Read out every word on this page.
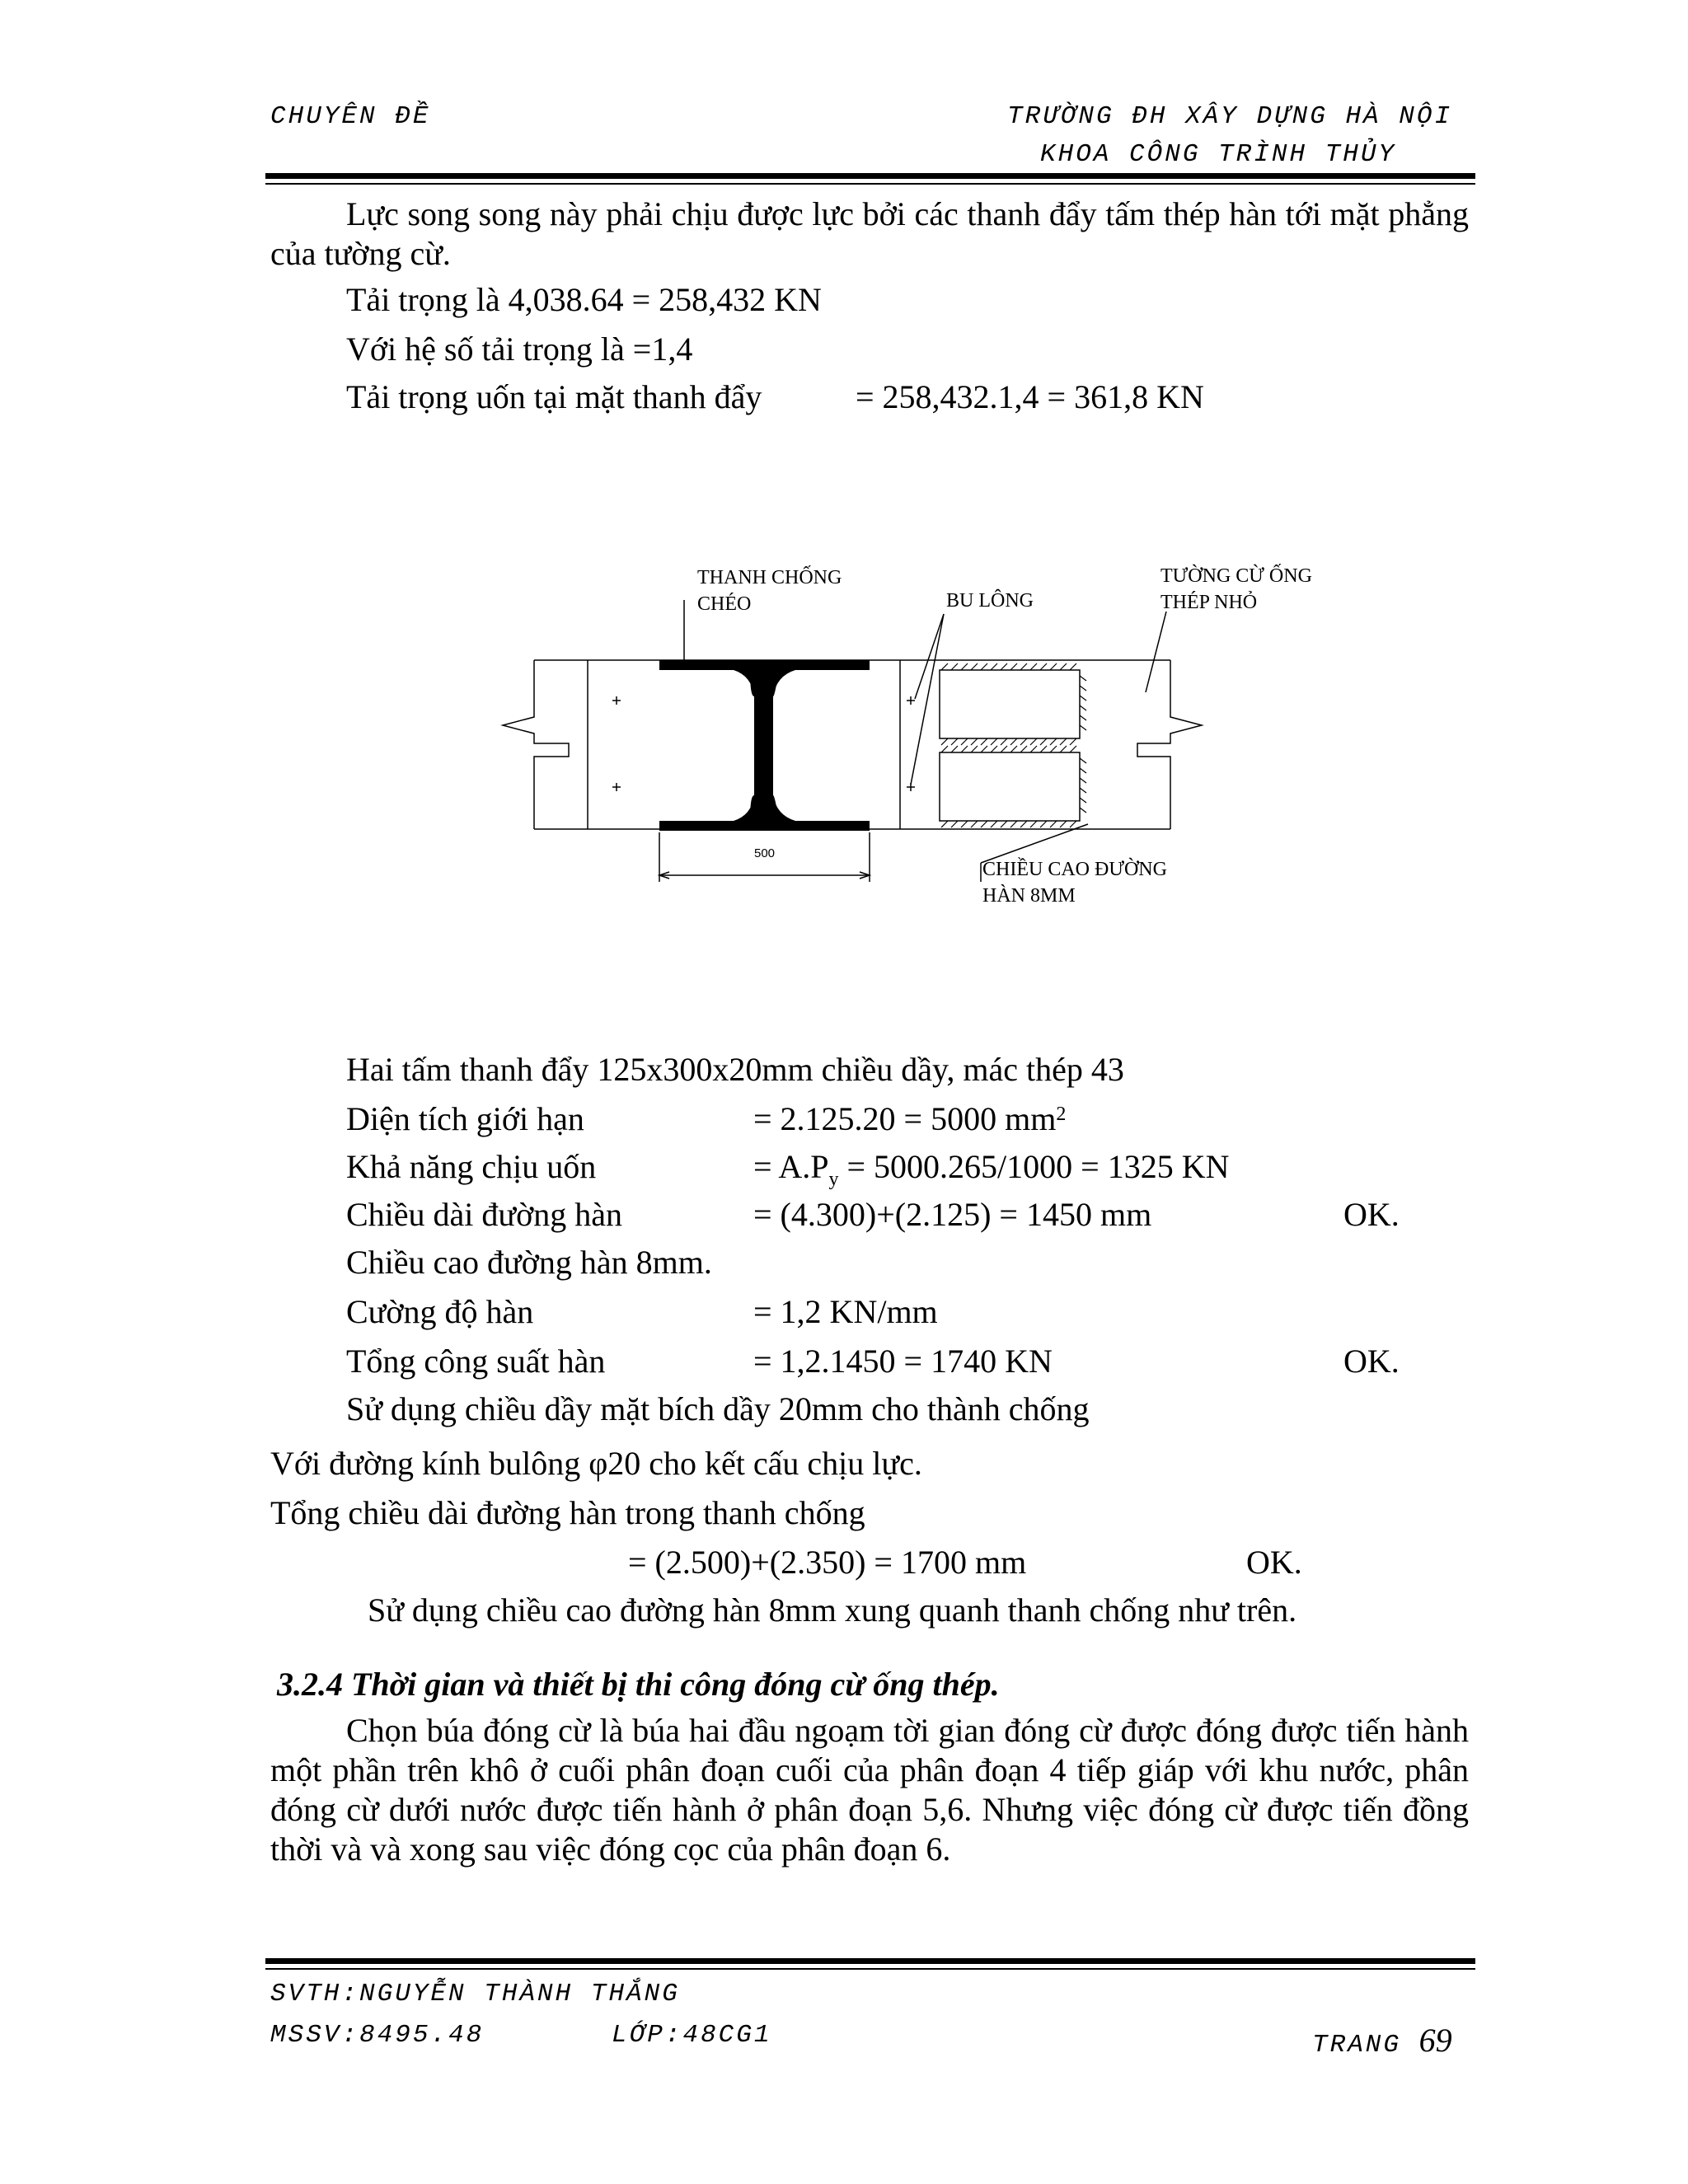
CHUYÊN ĐỀ	TRƯỜNG ĐH XÂY DỰNG HÀ NỘI
KHOA CÔNG TRÌNH THỦY
Lực song song này phải chịu được lực bởi các thanh đẩy tấm thép hàn tới mặt phẳng của tường cừ.
Tải trọng là 4,038.64 = 258,432 KN
Với hệ số tải trọng là =1,4
Tải trọng uốn tại mặt thanh đẩy	= 258,432.1,4 = 361,8 KN
THANH CHỐNG
CHÉO	BU LÔNG
TƯỜNG CỪ ỐNG
THÉP NHỎ
500
CHIỀU CAO ĐƯỜNG
HÀN 8MM
Hai tấm thanh đẩy 125x300x20mm chiều dầy, mác thép 43
Diện tích giới hạn	= 2.125.20 = 5000 $mm^2$
Khả năng chịu uốn	= $A.P_y = 5000.265/1000 = 1325$ KN
Chiều dài đường hàn	= (4.300)+(2.125) = 1450 mm	OK.
Chiều cao đường hàn 8mm.
Cường độ hàn	= 1,2 KN/mm
Tổng công suất hàn	= 1,2.1450 = 1740 KN	OK.
Sử dụng chiều dầy mặt bích dầy 20mm cho thành chống
Với đường kính bulông φ20 cho kết cấu chịu lực.
Tổng chiều dài đường hàn trong thanh chống
= (2.500)+(2.350) = 1700 mm	OK.
Sử dụng chiều cao đường hàn 8mm xung quanh thanh chống như trên.
3.2.4 Thời gian và thiết bị thi công đóng cừ ống thép.
Chọn búa đóng cừ là búa hai đầu ngoạm tời gian đóng cừ được đóng được tiến hành một phần trên khô ở cuối phân đoạn cuối của phân đoạn 4 tiếp giáp với khu nước, phân đóng cừ dưới nước được tiến hành ở phân đoạn 5,6. Nhưng việc đóng cừ được tiến đồng thời và và xong sau việc đóng cọc của phân đoạn 6.
SVTH:NGUYỄN THÀNH THẮNG
MSSV:8495.48	LỚP:48CG1	TRANG 69
